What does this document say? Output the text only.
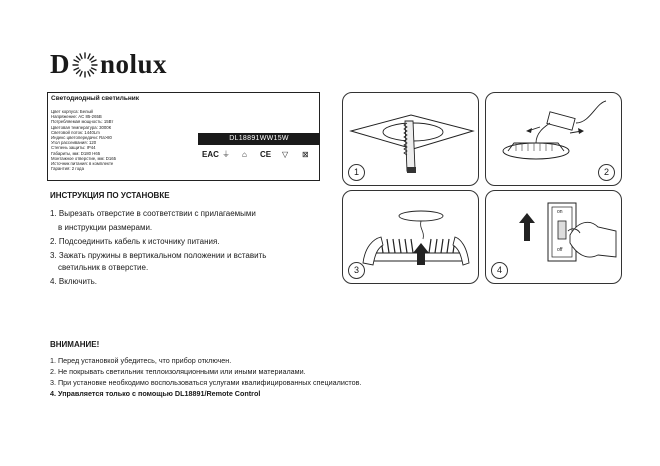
D nolux
Светодиодный светильник
Цвет корпуса: Белый
Напряжение: AC 85-265В
Потребляемая мощность: 15Вт
Цветовая температура: 3000К
Световой поток: 1440Lm
Индекс цветопередачи: Ra>80
Угол рассеивания: 120
Степень защиты: IP44
Габариты, мм: D180 H65
Монтажное отверстие, мм: D165
Источник питания: в комплекте
Гарантия: 2 года
DL18891WW15W
EAC ⏚ ⌂ CE ▽ ⊠
ИНСТРУКЦИЯ ПО УСТАНОВКЕ
1. Вырезать отверстие в соответствии с прилагаемыми
в инструкции размерами.
2. Подсоединить кабель к источнику питания.
3. Зажать пружины в вертикальном положении и вставить
светильник в отверстие.
4. Включить.
ВНИМАНИЕ!
1. Перед установкой убедитесь, что прибор отключен.
2. Не покрывать светильник теплоизоляционными или иными материалами.
3. При установке необходимо воспользоваться услугами квалифицированных специалистов.
4. Управляется только с помощью DL18891/Remote Control
1	2
3
on
off
4
